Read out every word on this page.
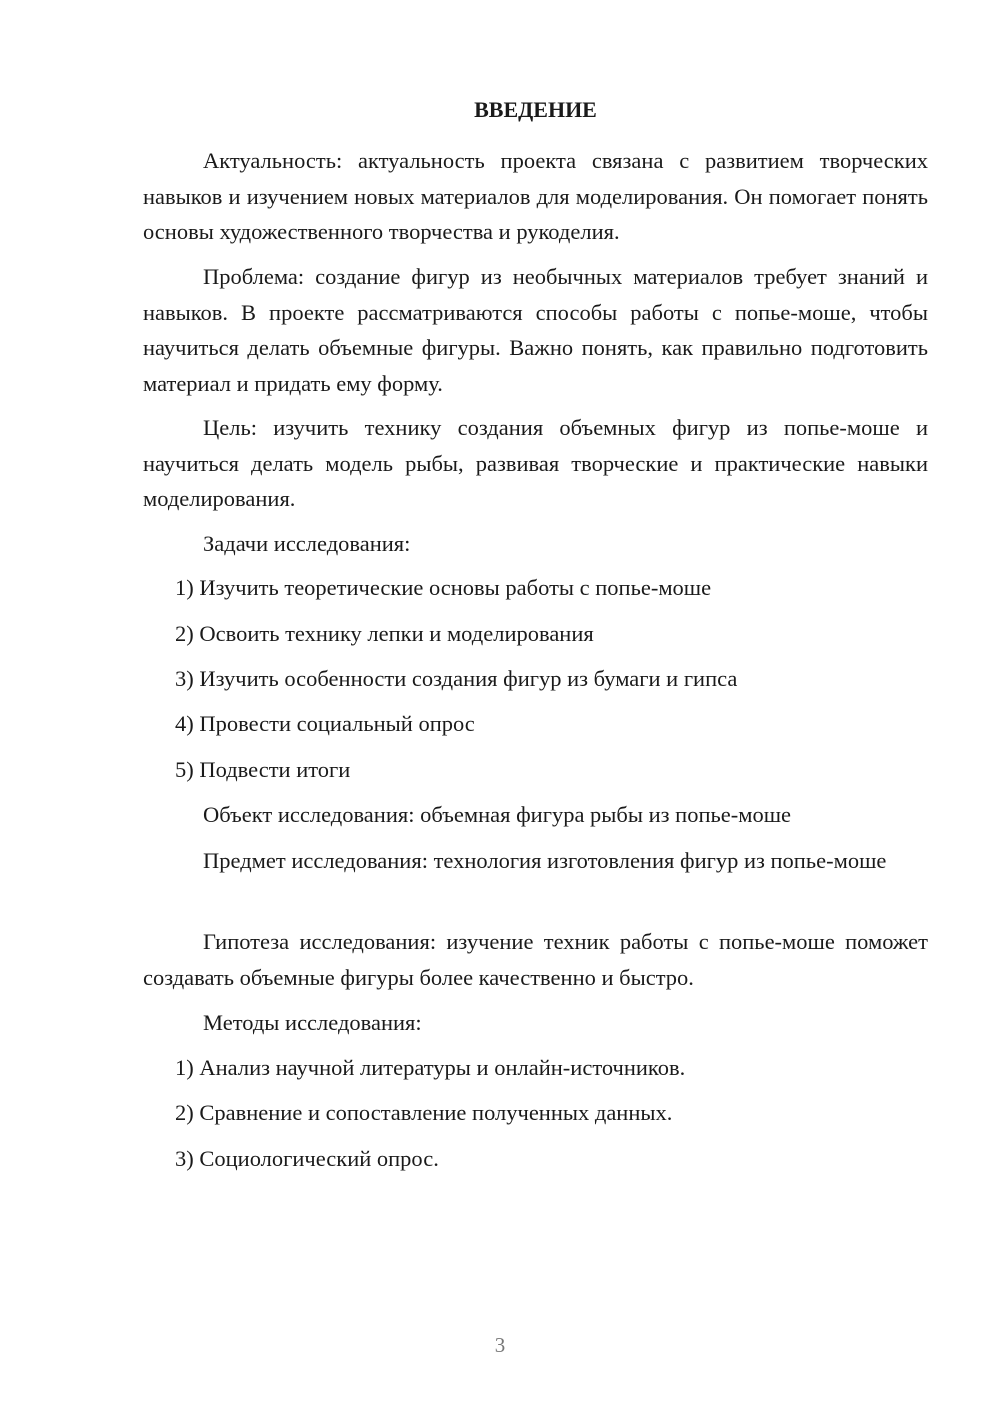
ВВЕДЕНИЕ

Актуальность: актуальность проекта связана с развитием творческих навыков и изучением новых материалов для моделирования. Он помогает понять основы художественного творчества и рукоделия.

Проблема: создание фигур из необычных материалов требует знаний и навыков. В проекте рассматриваются способы работы с попье-моше, чтобы научиться делать объемные фигуры. Важно понять, как правильно подготовить материал и придать ему форму.

Цель: изучить технику создания объемных фигур из попье-моше и научиться делать модель рыбы, развивая творческие и практические навыки моделирования.

Задачи исследования:
1) Изучить теоретические основы работы с попье-моше
2) Освоить технику лепки и моделирования
3) Изучить особенности создания фигур из бумаги и гипса
4) Провести социальный опрос
5) Подвести итоги
Объект исследования: объемная фигура рыбы из попье-моше

Предмет исследования: технология изготовления фигур из попье-моше

Гипотеза исследования: изучение техник работы с попье-моше поможет создавать объемные фигуры более качественно и быстро.

Методы исследования:
1) Анализ научной литературы и онлайн-источников.
2) Сравнение и сопоставление полученных данных.
3) Социологический опрос.
3
